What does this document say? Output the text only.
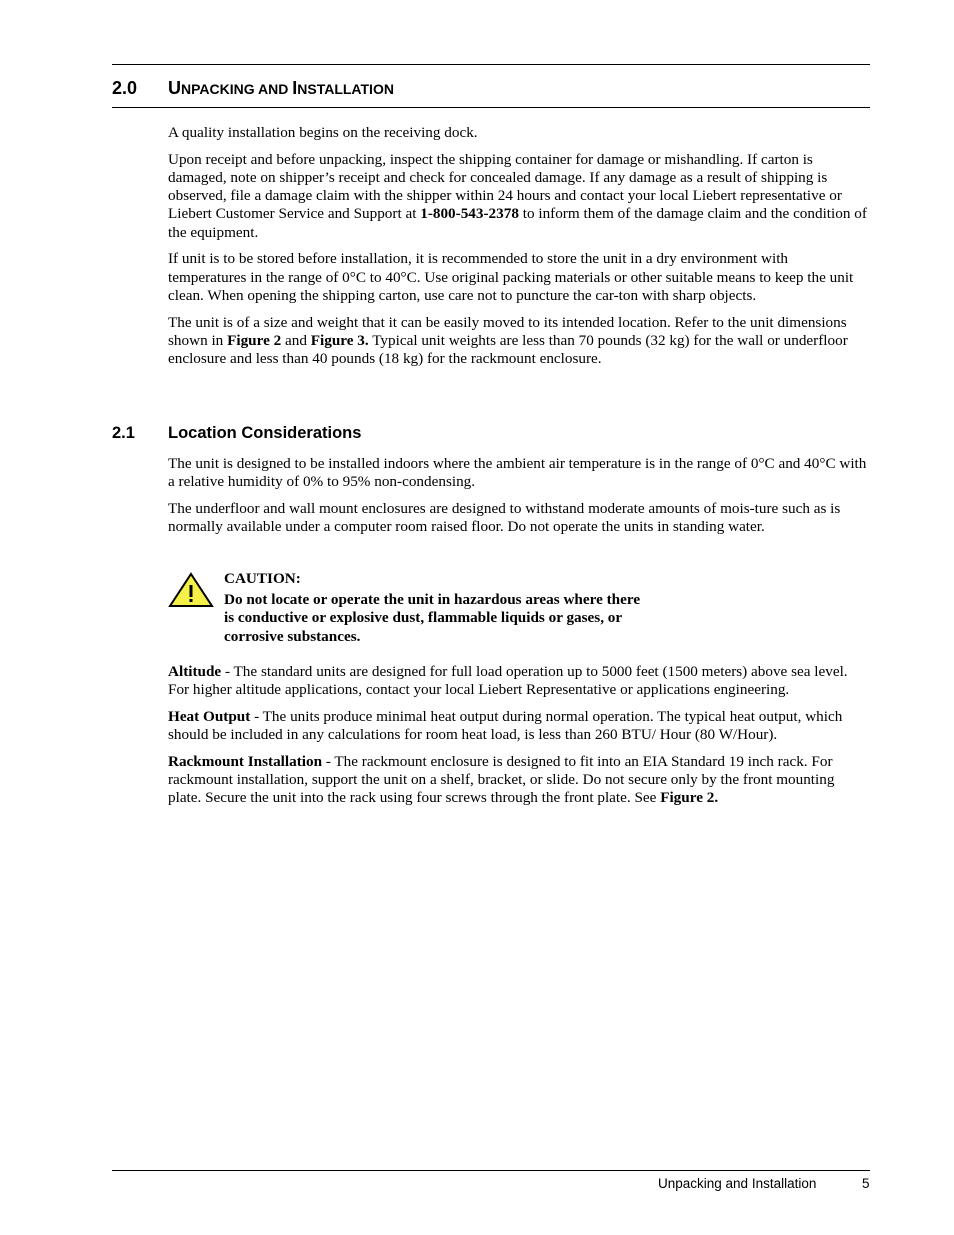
2.0 UNPACKING AND INSTALLATION

A quality installation begins on the receiving dock.

Upon receipt and before unpacking, inspect the shipping container for damage or mishandling. If carton is damaged, note on shipper’s receipt and check for concealed damage. If any damage as a result of shipping is observed, file a damage claim with the shipper within 24 hours and contact your local Liebert representative or Liebert Customer Service and Support at 1-800-543-2378 to inform them of the damage claim and the condition of the equipment.

If unit is to be stored before installation, it is recommended to store the unit in a dry environment with temperatures in the range of 0°C to 40°C. Use original packing materials or other suitable means to keep the unit clean. When opening the shipping carton, use care not to puncture the car-ton with sharp objects.

The unit is of a size and weight that it can be easily moved to its intended location. Refer to the unit dimensions shown in Figure 2 and Figure 3. Typical unit weights are less than 70 pounds (32 kg) for the wall or underfloor enclosure and less than 40 pounds (18 kg) for the rackmount enclosure.

2.1 Location Considerations

The unit is designed to be installed indoors where the ambient air temperature is in the range of 0°C and 40°C with a relative humidity of 0% to 95% non-condensing.

The underfloor and wall mount enclosures are designed to withstand moderate amounts of mois-ture such as is normally available under a computer room raised floor. Do not operate the units in standing water.

CAUTION:
Do not locate or operate the unit in hazardous areas where there
is conductive or explosive dust, flammable liquids or gases, or
corrosive substances.

Altitude - The standard units are designed for full load operation up to 5000 feet (1500 meters) above sea level. For higher altitude applications, contact your local Liebert Representative or applications engineering.

Heat Output - The units produce minimal heat output during normal operation. The typical heat output, which should be included in any calculations for room heat load, is less than 260 BTU/ Hour (80 W/Hour).

Rackmount Installation - The rackmount enclosure is designed to fit into an EIA Standard 19 inch rack. For rackmount installation, support the unit on a shelf, bracket, or slide. Do not secure only by the front mounting plate. Secure the unit into the rack using four screws through the front plate. See Figure 2.

Unpacking and Installation	5
